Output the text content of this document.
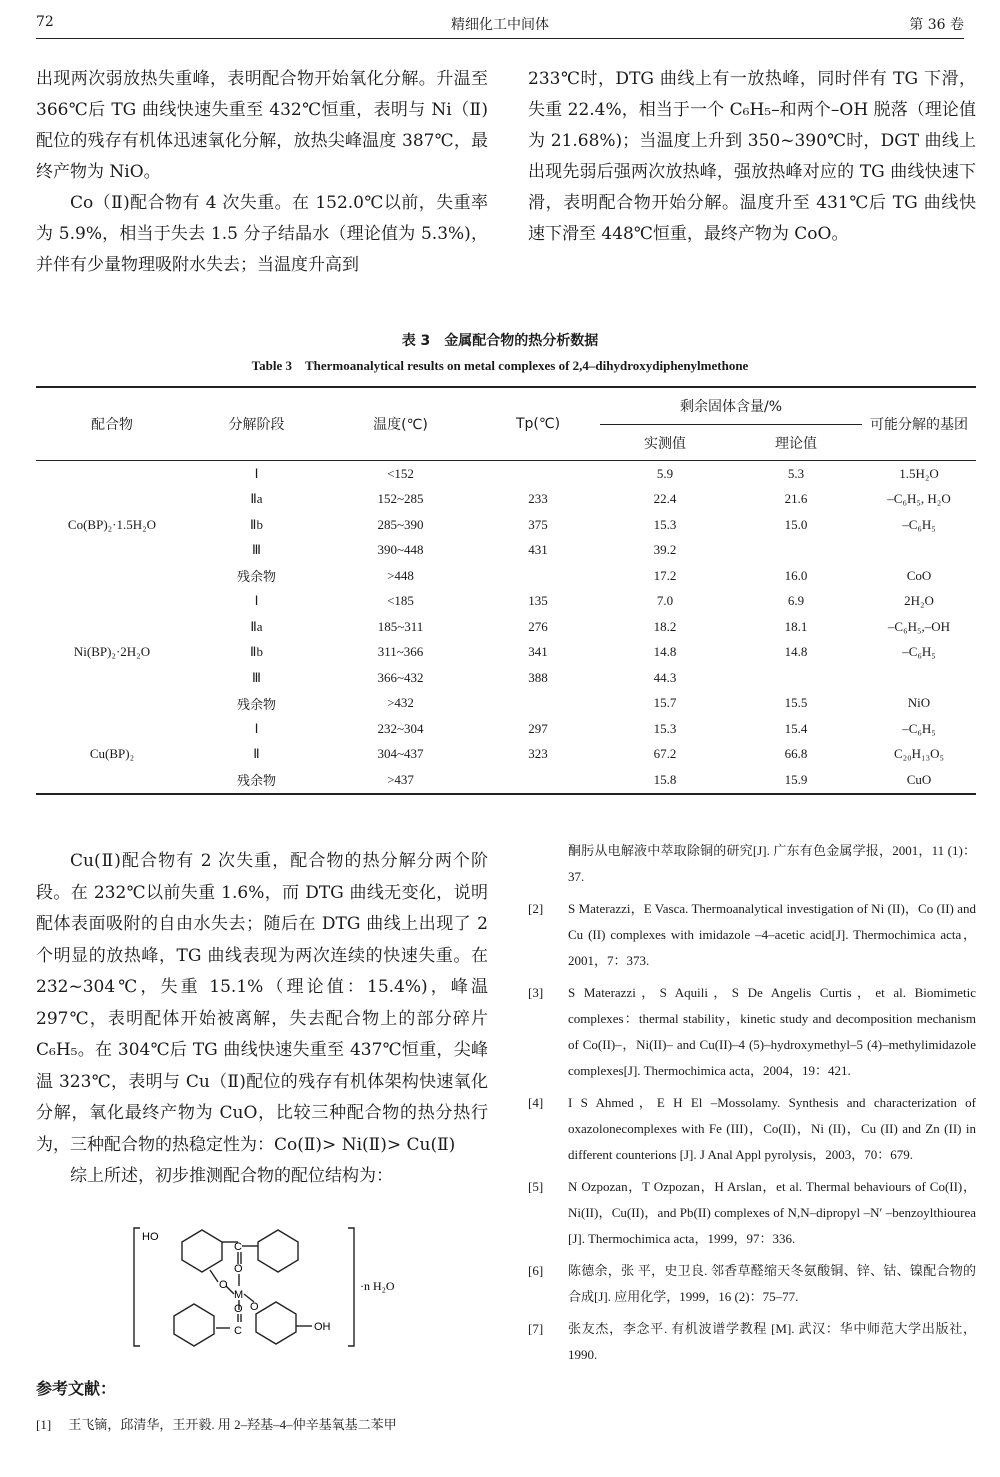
72	精细化工中间体	第 36 卷

出现两次弱放热失重峰，表明配合物开始氧化分解。升温至 366℃后 TG 曲线快速失重至 432℃恒重，表明与 Ni（Ⅱ)配位的残存有机体迅速氧化分解，放热尖峰温度 387℃，最终产物为 NiO。

Co（Ⅱ)配合物有 4 次失重。在 152.0℃以前，失重率为 5.9%，相当于失去 1.5 分子结晶水（理论值为 5.3%)，并伴有少量物理吸附水失去；当温度升高到

233℃时，DTG 曲线上有一放热峰，同时伴有 TG 下滑，失重 22.4%，相当于一个 C₆H₅–和两个–OH 脱落（理论值为 21.68%)；当温度上升到 350~390℃时，DGT 曲线上出现先弱后强两次放热峰，强放热峰对应的 TG 曲线快速下滑，表明配合物开始分解。温度升至 431℃后 TG 曲线快速下滑至 448℃恒重，最终产物为 CoO。

表 3　金属配合物的热分析数据
Table 3　Thermoanalytical results on metal complexes of 2,4–dihydroxydiphenylmethone
配合物	分解阶段	温度(℃)	Tp(℃)	剩余固体含量/%		可能分解的基团
				实测值	理论值	
Co(BP)₂·1.5H₂O	Ⅰ	<152		5.9	5.3	1.5H₂O
	Ⅱa	152~285	233	22.4	21.6	–C₆H₅, H₂O
	Ⅱb	285~390	375	15.3	15.0	–C₆H₅
	Ⅲ	390~448	431	39.2		
	残余物	>448		17.2	16.0	CoO
Ni(BP)₂·2H₂O	Ⅰ	<185	135	7.0	6.9	2H₂O
	Ⅱa	185~311	276	18.2	18.1	–C₆H₅,–OH
	Ⅱb	311~366	341	14.8	14.8	–C₆H₅
	Ⅲ	366~432	388	44.3		
	残余物	>432		15.7	15.5	NiO
Cu(BP)₂	Ⅰ	232~304	297	15.3	15.4	–C₆H₅
	Ⅱ	304~437	323	67.2	66.8	C₂₀H₁₃O₅
	残余物	>437		15.8	15.9	CuO

Cu(Ⅱ)配合物有 2 次失重，配合物的热分解分两个阶段。在 232℃以前失重 1.6%，而 DTG 曲线无变化，说明配体表面吸附的自由水失去；随后在 DTG 曲线上出现了 2 个明显的放热峰，TG 曲线表现为两次连续的快速失重。在 232~304℃，失重 15.1%（理论值：15.4%)，峰温 297℃，表明配体开始被离解，失去配合物上的部分碎片 C₆H₅。在 304℃后 TG 曲线快速失重至 437℃恒重，尖峰温 323℃，表明与 Cu（Ⅱ)配位的残存有机体架构快速氧化分解，氧化最终产物为 CuO，比较三种配合物的热分热行为，三种配合物的热稳定性为：Co(Ⅱ)> Ni(Ⅱ)> Cu(Ⅱ)

综上所述，初步推测配合物的配位结构为：

HO
C
O
O
M
O
O
C	OH
·n H₂O
参考文献：
[1] 王飞镝，邱清华，王开毅. 用 2–羟基–4–仲辛基氧基二苯甲

酮肟从电解液中萃取除铜的研究[J]. 广东有色金属学报，2001，11 (1)：37.

[2] S Materazzi，E Vasca. Thermoanalytical investigation of Ni (II)，Co (II) and Cu (II) complexes with imidazole –4–acetic acid[J]. Thermochimica acta，2001，7：373.

[3] S Materazzi，S Aquili，S De Angelis Curtis，et al. Biomimetic complexes：thermal stability，kinetic study and decomposition mechanism of Co(II)–，Ni(II)– and Cu(II)–4 (5)–hydroxymethyl–5 (4)–methylimidazole complexes[J]. Thermochimica acta，2004，19：421.

[4] I S Ahmed，E H El –Mossolamy. Synthesis and characterization of oxazolonecomplexes with Fe (III)，Co(II)，Ni (II)，Cu (II) and Zn (II) in different counterions [J]. J Anal Appl pyrolysis，2003，70：679.

[5] N Ozpozan，T Ozpozan，H Arslan，et al. Thermal behaviours of Co(II)，Ni(II)，Cu(II)，and Pb(II) complexes of N,N–dipropyl –N′ –benzoylthiourea [J]. Thermochimica acta，1999，97：336.

[6] 陈德余，张 平，史卫良. 邻香草醛缩天冬氨酸铜、锌、钴、镍配合物的合成[J]. 应用化学，1999，16 (2)：75–77.

[7] 张友杰，李念平. 有机波谱学教程 [M]. 武汉：华中师范大学出版社，1990.
